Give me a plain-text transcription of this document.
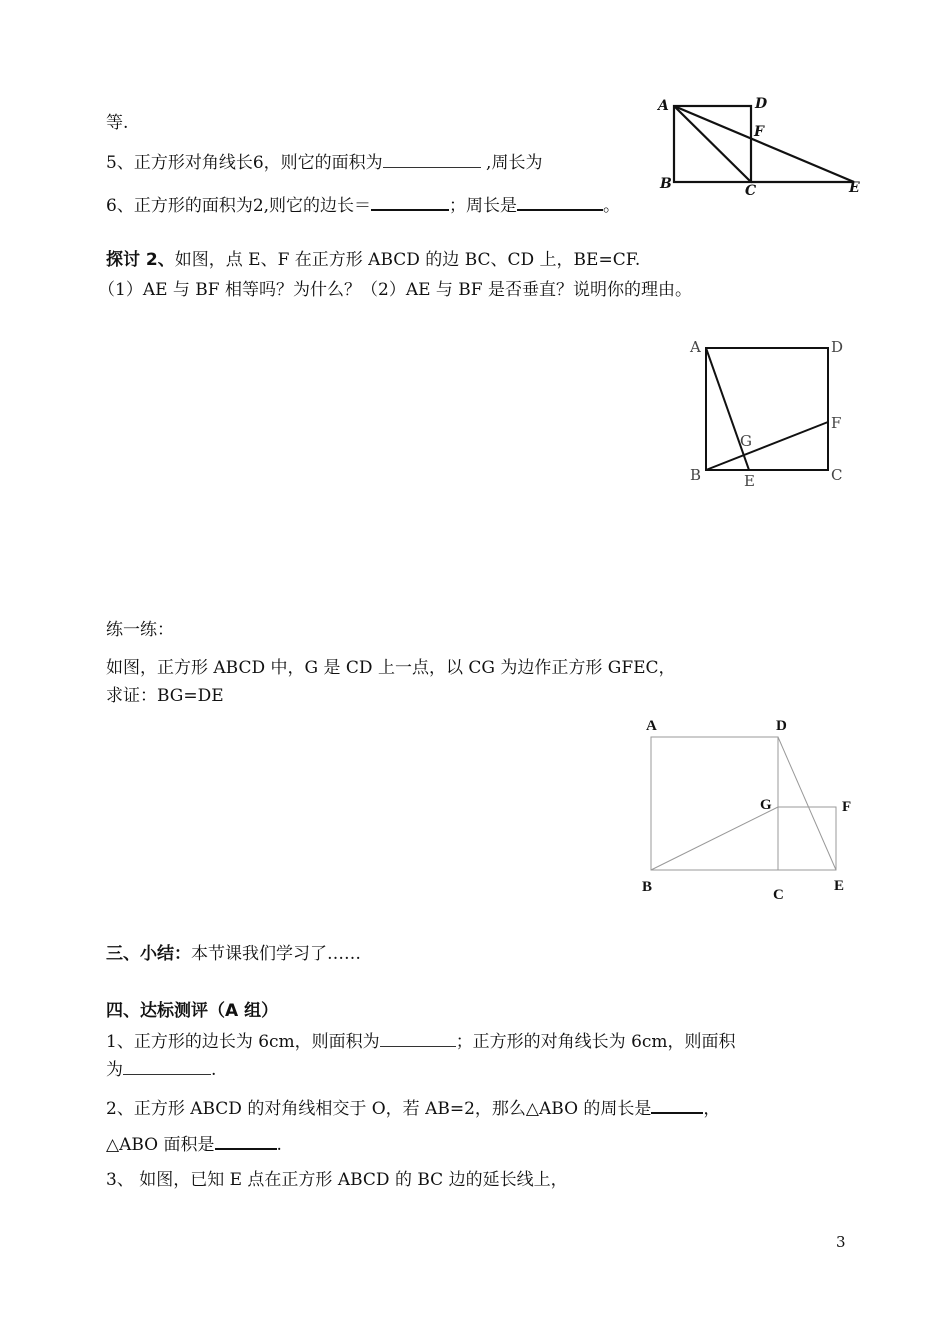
等.
5、正方形对角线长6，则它的面积为	,周长为
6、正方形的面积为2,则它的边长＝	；周长是	。
A	D
F
B	C	E
探讨 2、如图，点 E、F 在正方形 ABCD 的边 BC、CD 上，BE=CF.
（1）AE 与 BF 相等吗？为什么？（2）AE 与 BF 是否垂直？说明你的理由。
A	D
F
G
B	E	C
练一练：
如图，正方形 ABCD 中，G 是 CD 上一点，以 CG 为边作正方形 GFEC，
求证：BG=DE
A	D
G	F
B	C
E
三、小结：本节课我们学习了……
四、达标测评（A 组）
1、正方形的边长为 6cm，则面积为	；正方形的对角线长为 6cm，则面积
为	.
2、正方形 ABCD 的对角线相交于 O，若 AB=2，那么△ABO 的周长是	，
△ABO 面积是	.
3、 如图，已知 E 点在正方形 ABCD 的 BC 边的延长线上，
3
